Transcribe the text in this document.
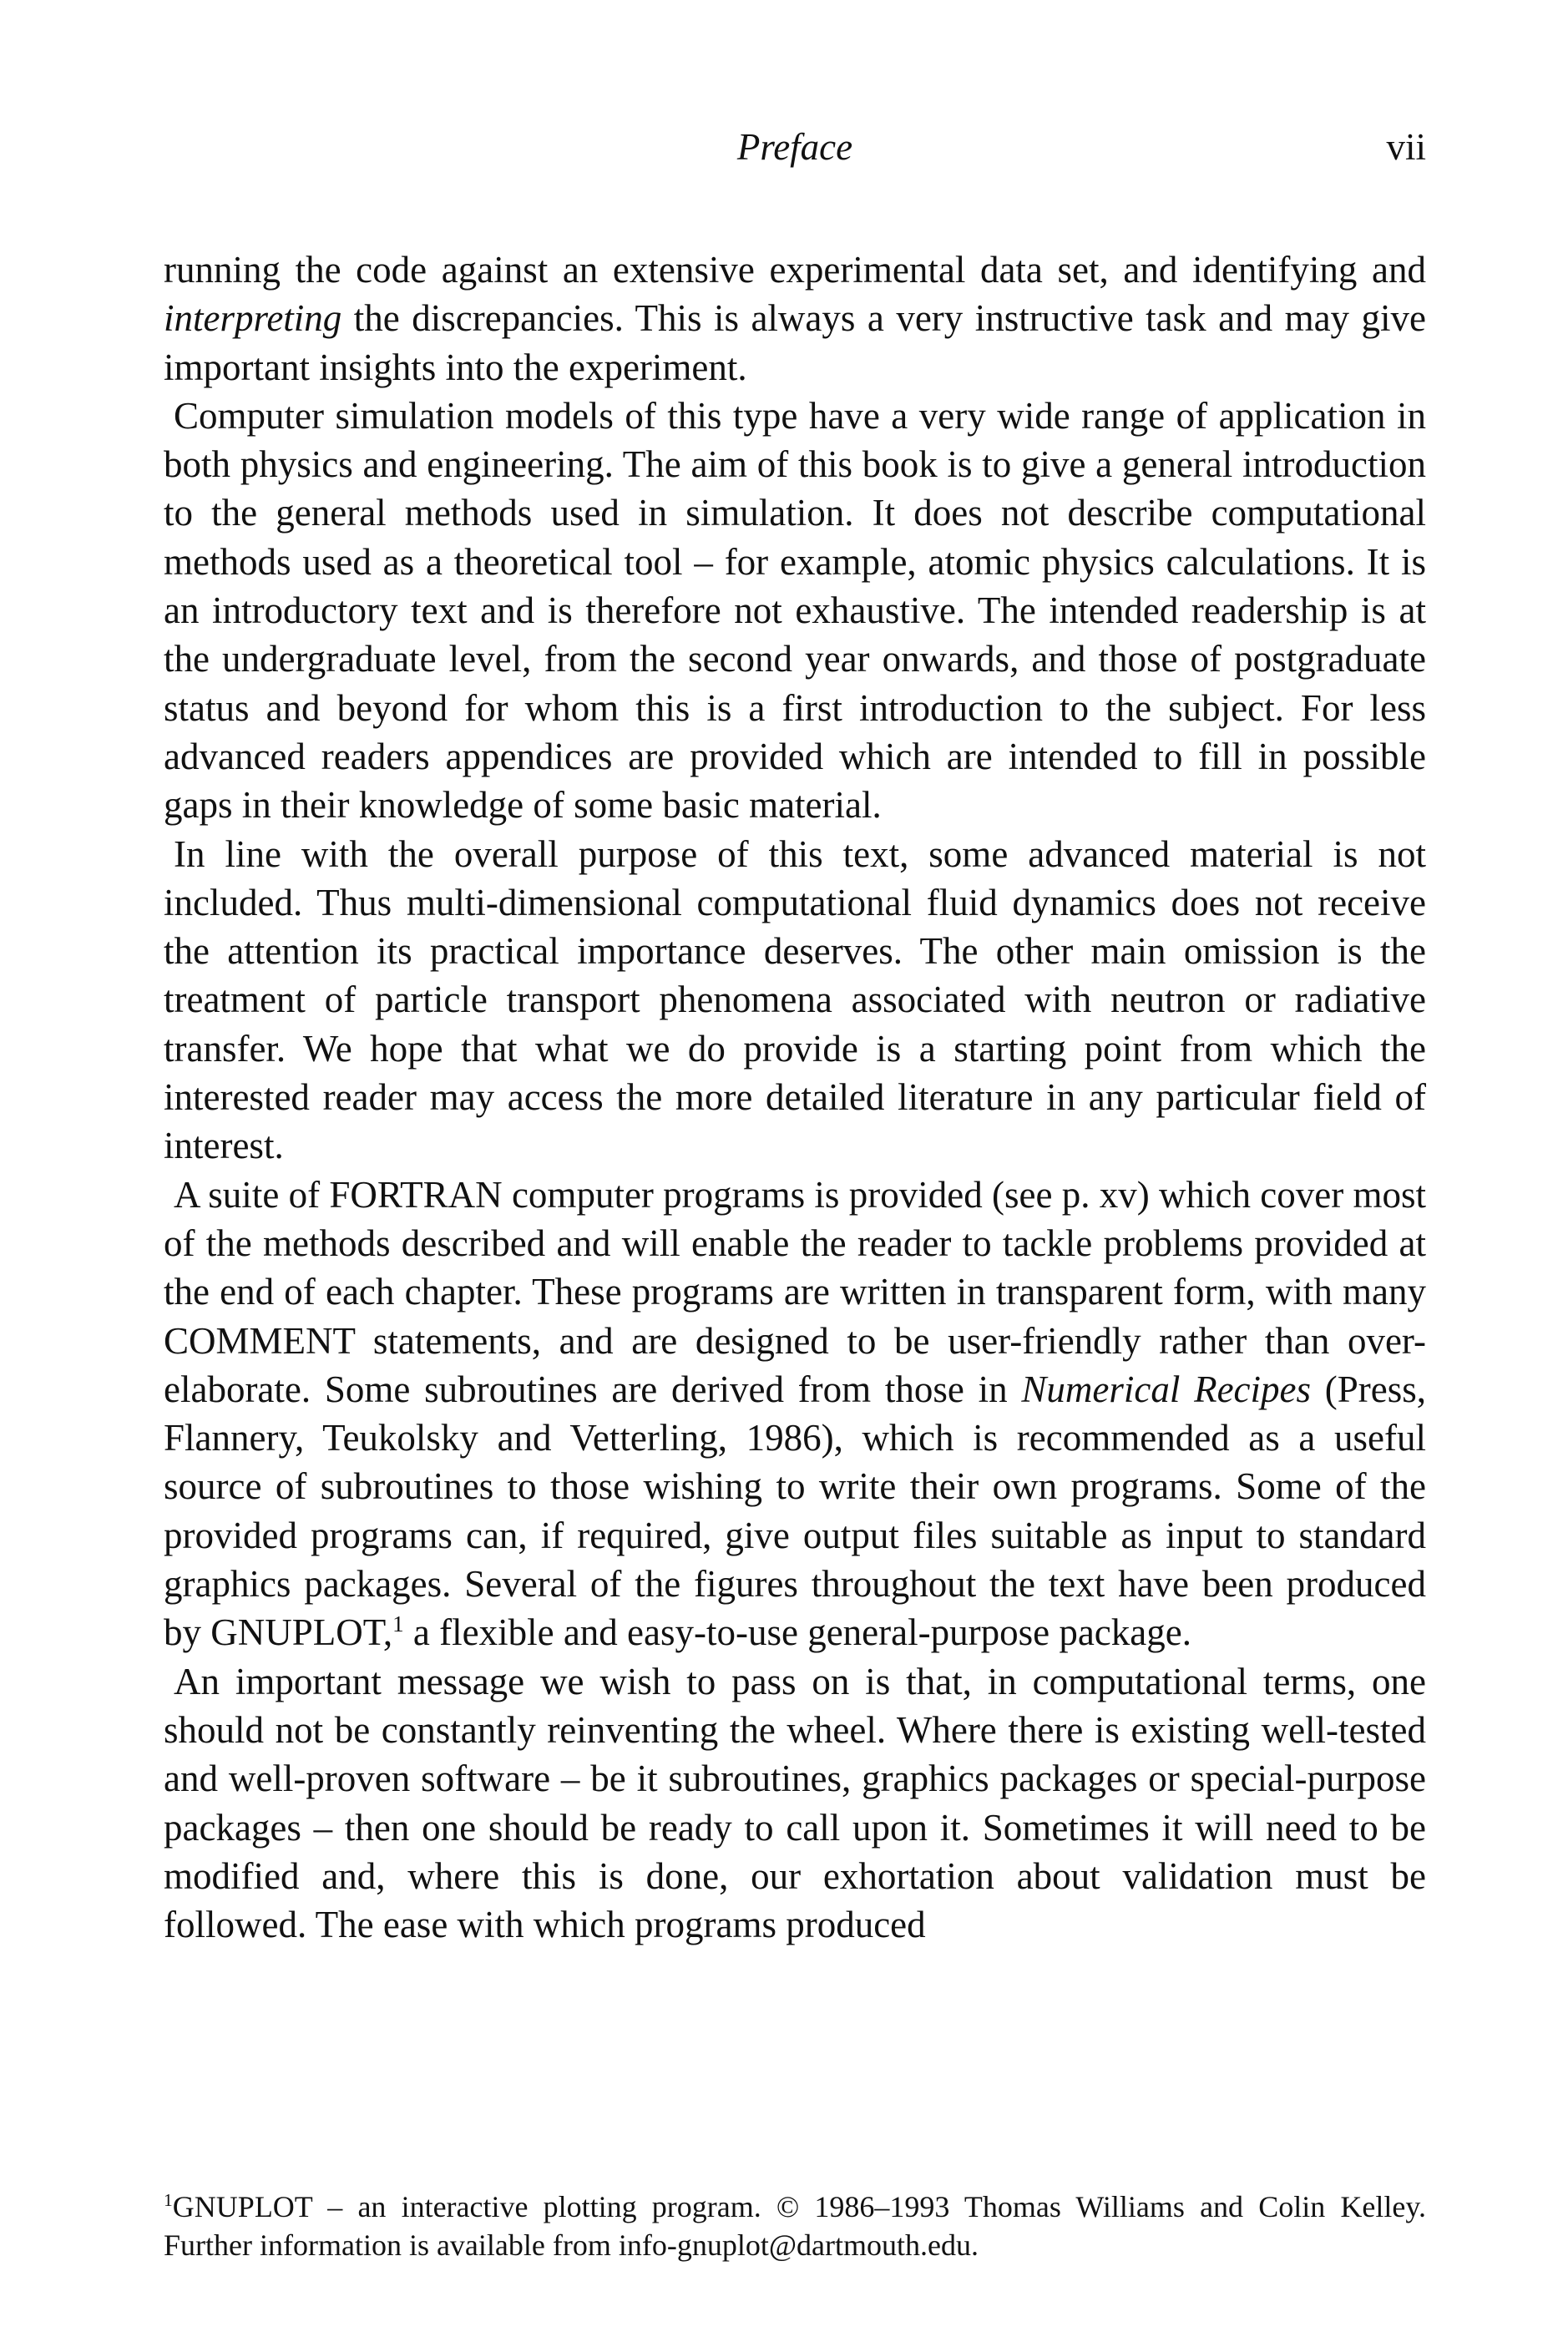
Preface	vii

running the code against an extensive experimental data set, and identifying and interpreting the discrepancies. This is always a very instructive task and may give important insights into the experiment.

Computer simulation models of this type have a very wide range of application in both physics and engineering. The aim of this book is to give a general introduction to the general methods used in simulation. It does not describe computational methods used as a theoretical tool – for example, atomic physics calculations. It is an introductory text and is therefore not exhaustive. The intended readership is at the undergraduate level, from the second year onwards, and those of postgraduate status and beyond for whom this is a first introduction to the subject. For less advanced readers appendices are provided which are intended to fill in possible gaps in their knowledge of some basic material.

In line with the overall purpose of this text, some advanced material is not included. Thus multi-dimensional computational fluid dynamics does not receive the attention its practical importance deserves. The other main omission is the treatment of particle transport phenomena associated with neutron or radiative transfer. We hope that what we do provide is a starting point from which the interested reader may access the more detailed literature in any particular field of interest.

A suite of FORTRAN computer programs is provided (see p. xv) which cover most of the methods described and will enable the reader to tackle problems provided at the end of each chapter. These programs are written in transparent form, with many COMMENT statements, and are designed to be user-friendly rather than over-elaborate. Some subroutines are derived from those in Numerical Recipes (Press, Flannery, Teukolsky and Vetterling, 1986), which is recommended as a useful source of subroutines to those wishing to write their own programs. Some of the provided programs can, if required, give output files suitable as input to standard graphics packages. Several of the figures throughout the text have been produced by GNUPLOT,$^1$ a flexible and easy-to-use general-purpose package.

An important message we wish to pass on is that, in computational terms, one should not be constantly reinventing the wheel. Where there is existing well-tested and well-proven software – be it subroutines, graphics packages or special-purpose packages – then one should be ready to call upon it. Sometimes it will need to be modified and, where this is done, our exhortation about validation must be followed. The ease with which programs produced

$^1$GNUPLOT – an interactive plotting program. © 1986–1993 Thomas Williams and Colin Kelley. Further information is available from info-gnuplot@dartmouth.edu.
